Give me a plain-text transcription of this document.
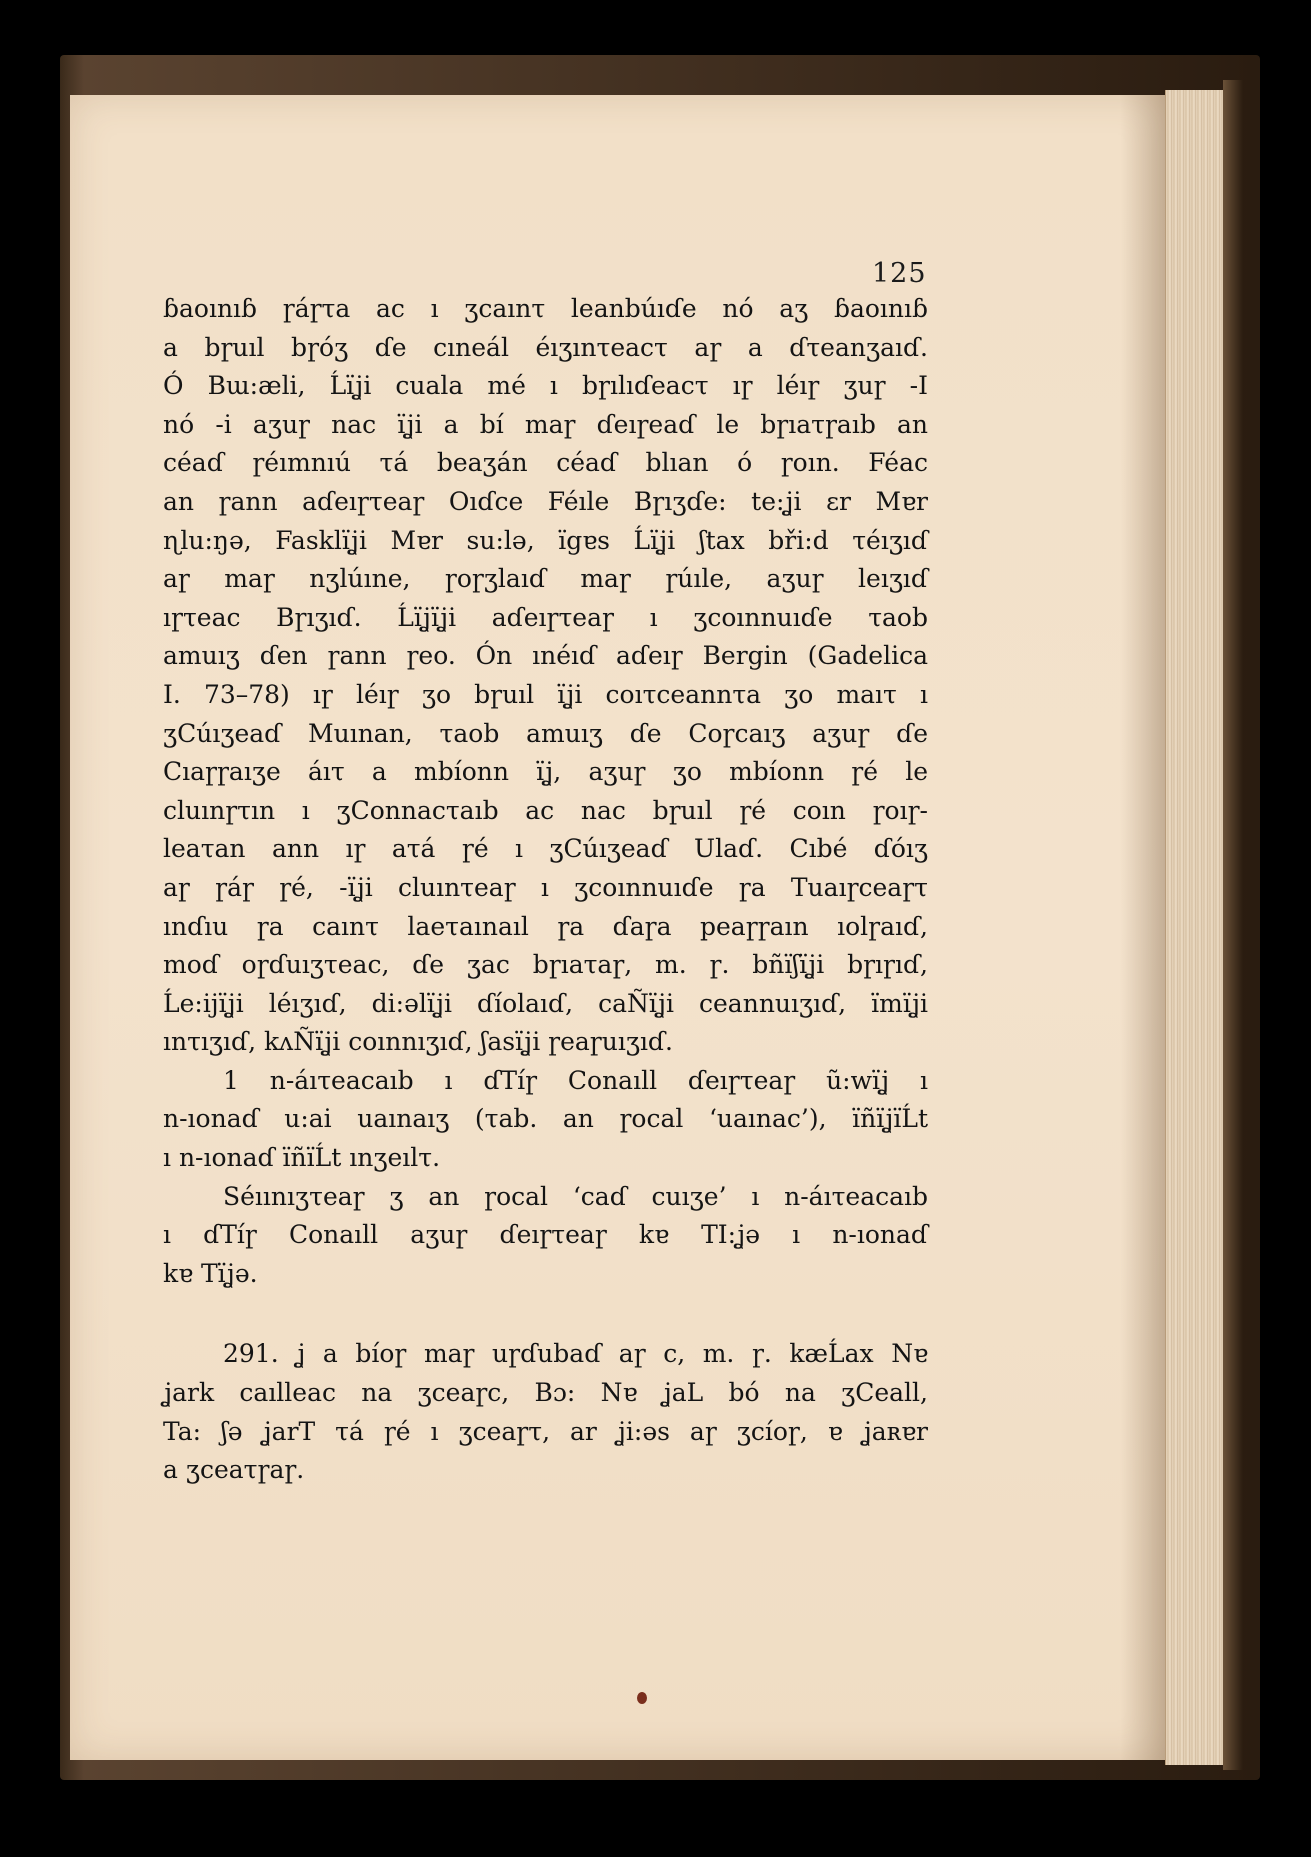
125
ɓaoınıɓ ɼáɼτa ac ı ʒcaınτ leanbúıɗe nó aʒ ɓaoınıɓ
a bɼuıl bɼóʒ ɗe cıneál éıʒınτeacτ aɼ a ɗτeanʒaıɗ.
Ó Bɯ:æli, Ĺïʝi cuala mé ı bɼılıɗeacτ ıɼ léıɼ ʒuɼ -I
nó -i aʒuɼ nac ïʝi a bí maɼ ɗeıɼeaɗ le bɼıaτɼaıb an
céaɗ ɼéımnıú τá beaʒán céaɗ blıan ó ɼoın. Féac
an ɼann aɗeıɼτeaɼ Oıɗce Féıle Bɼıʒɗe: te:ʝi ɛr Mɐr
ɳlu:ŋə, Fasklïʝi Mɐr su:lə, ïgɐs Ĺïʝi ʃtax bři:d τéıʒıɗ
aɼ maɼ nʒlúıne, ɼoɼʒlaıɗ maɼ ɼúıle, aʒuɼ leıʒıɗ
ıɼτeac Bɼıʒıɗ. Ĺïʝïʝi aɗeıɼτeaɼ ı ʒcoınnuıɗe τaob
amuıʒ ɗen ɼann ɼeo. Ón ınéıɗ aɗeıɼ Bergin (Gadelica
I. 73–78) ıɼ léıɼ ʒo bɼuıl ïʝi coıτceannτa ʒo maıτ ı
ʒCúıʒeaɗ Muınan, τaob amuıʒ ɗe Coɼcaıʒ aʒuɼ ɗe
Cıaɼɼaıʒe áıτ a mbíonn ïʝ, aʒuɼ ʒo mbíonn ɼé le
cluınɼτın ı ʒConnacτaıb ac nac bɼuıl ɼé coın ɼoıɼ-
leaτan ann ıɼ aτá ɼé ı ʒCúıʒeaɗ Ulaɗ. Cıbé ɗóıʒ
aɼ ɼáɼ ɼé, -ïʝi cluınτeaɼ ı ʒcoınnuıɗe ɼa Tuaıɼceaɼτ
ınɗıu ɼa caınτ laeτaınaıl ɼa ɗaɼa peaɼɼaın ıolɼaıɗ,
moɗ oɼɗuıʒτeac, ɗe ʒac bɼıaτaɼ, m. ɼ. bñïʃïʝi bɼıɼıɗ,
Ĺe:ijïʝi léıʒıɗ, di:əlïʝi ɗíolaıɗ, caÑïʝi ceannuıʒıɗ, ïmïʝi
ınτıʒıɗ, kʌÑïʝi coınnıʒıɗ, ʃasïʝi ɼeaɼuıʒıɗ.
1 n-áıτeacaıb ı ɗTíɼ Conaıll ɗeıɼτeaɼ ũ:wïʝ ı
n-ıonaɗ u:ai uaınaıʒ (τab. an ɼocal ‘uaınac’), ïñïʝïĹt
ı n-ıonaɗ ïñïĹt ınʒeılτ.
Séıınıʒτeaɼ ʒ an ɼocal ‘caɗ cuıʒe’ ı n-áıτeacaıb
ı ɗTíɼ Conaıll aʒuɼ ɗeıɼτeaɼ kɐ TI:ʝə ı n-ıonaɗ
kɐ Tïʝə.
291. ʝ a bíoɼ maɼ uɼɗubaɗ aɼ c, m. ɼ. kæĹax Nɐ
ʝark caılleac na ʒceaɼc, Bɔ: Nɐ ʝaL bó na ʒCeall,
Ta: ʃə ʝarT τá ɼé ı ʒceaɼτ, ar ʝi:əs aɼ ʒcíoɼ, ɐ ʝaʀɐr
a ʒceaτɼaɼ.
